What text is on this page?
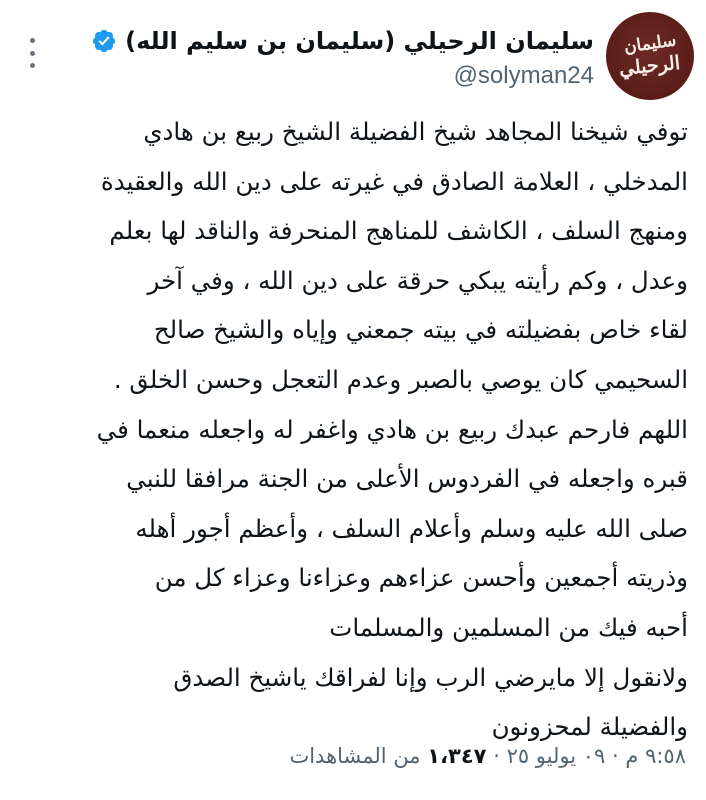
سليمان
الرحيلي
سليمان الرحيلي (سليمان بن سليم الله)
@solyman24
توفي شيخنا المجاهد شيخ الفضيلة الشيخ ربيع بن هادي
المدخلي ، العلامة الصادق في غيرته على دين الله والعقيدة
ومنهج السلف ، الكاشف للمناهج المنحرفة والناقد لها بعلم
وعدل ، وكم رأيته يبكي حرقة على دين الله ، وفي آخر
لقاء خاص بفضيلته في بيته جمعني وإياه والشيخ صالح
السحيمي كان يوصي بالصبر وعدم التعجل وحسن الخلق .
اللهم فارحم عبدك ربيع بن هادي واغفر له واجعله منعما في
قبره واجعله في الفردوس الأعلى من الجنة مرافقا للنبي
صلى الله عليه وسلم وأعلام السلف ، وأعظم أجور أهله
وذريته أجمعين وأحسن عزاءهم وعزاءنا وعزاء كل من
أحبه فيك من المسلمين والمسلمات
ولانقول إلا مايرضي الرب وإنا لفراقك ياشيخ الصدق
والفضيلة لمحزونون
٩:٥٨ م · ٠٩ يوليو ٢٥ · ١،٣٤٧ من المشاهدات
